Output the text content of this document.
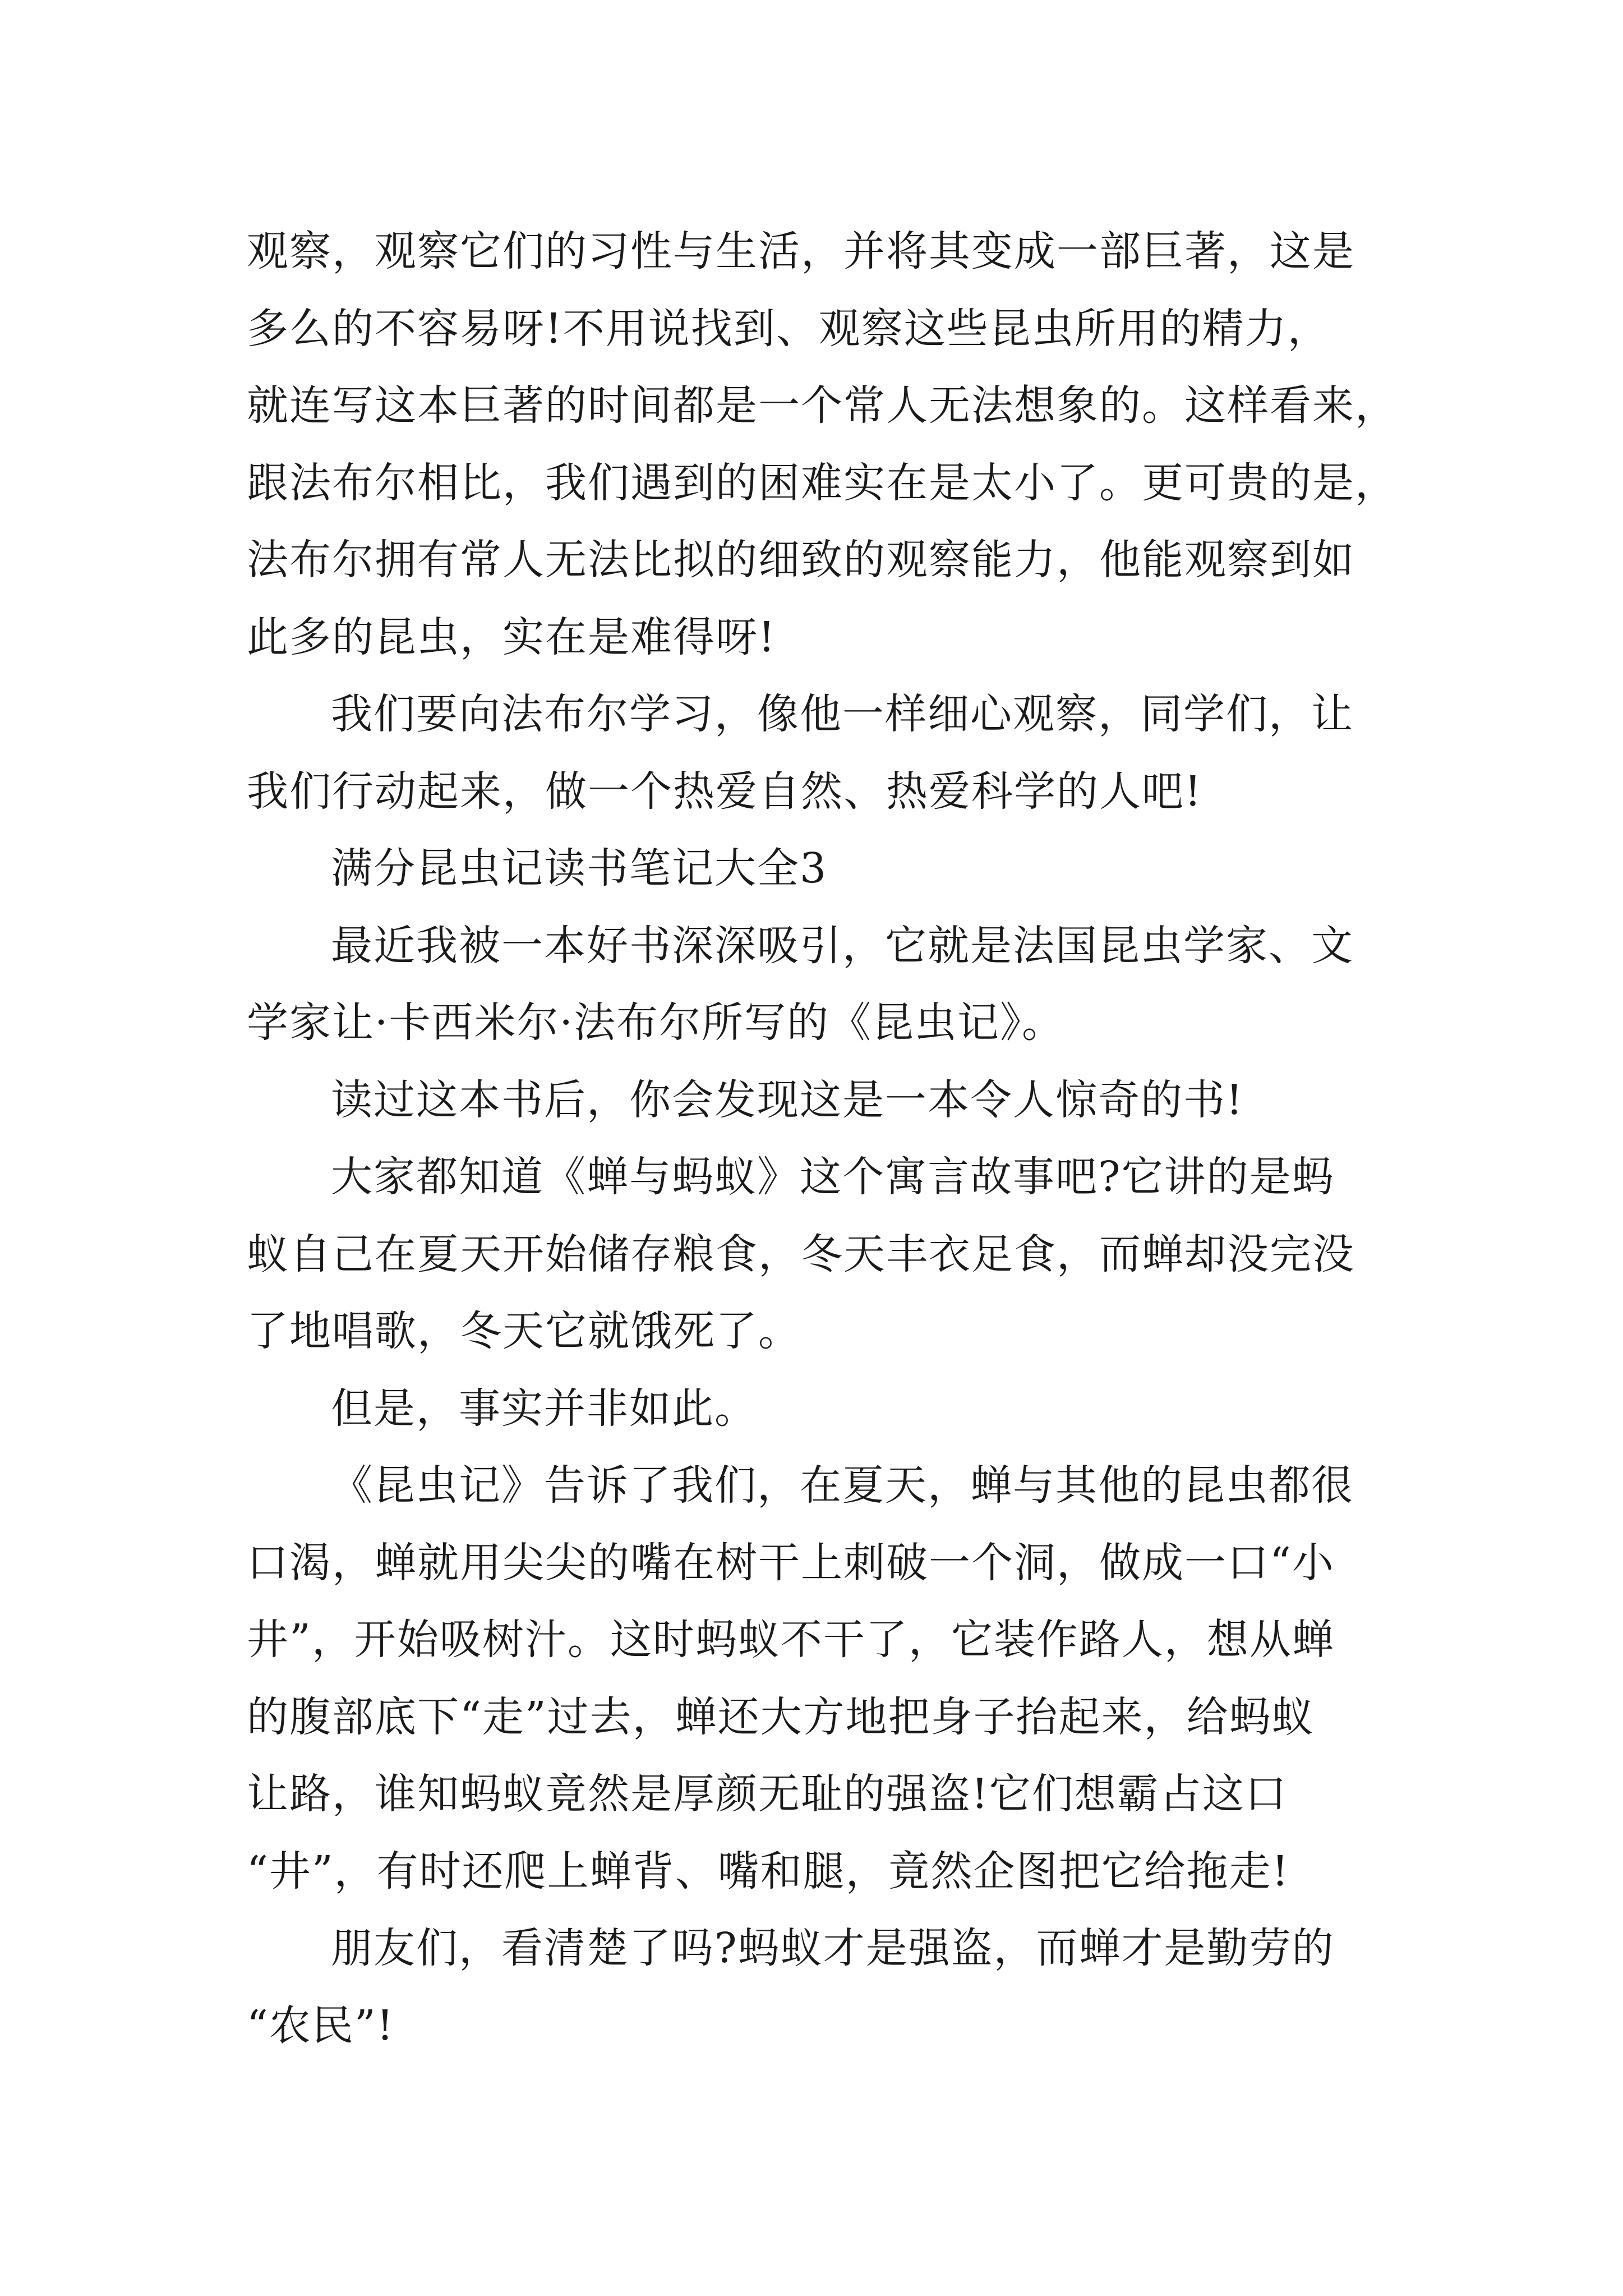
观察，观察它们的习性与生活，并将其变成一部巨著，这是
多么的不容易呀!不用说找到、观察这些昆虫所用的精力，
就连写这本巨著的时间都是一个常人无法想象的。这样看来，
跟法布尔相比，我们遇到的困难实在是太小了。更可贵的是，
法布尔拥有常人无法比拟的细致的观察能力，他能观察到如
此多的昆虫，实在是难得呀!
我们要向法布尔学习，像他一样细心观察，同学们，让
我们行动起来，做一个热爱自然、热爱科学的人吧!
满分昆虫记读书笔记大全3
最近我被一本好书深深吸引，它就是法国昆虫学家、文
学家让·卡西米尔·法布尔所写的《昆虫记》。
读过这本书后，你会发现这是一本令人惊奇的书!
大家都知道《蝉与蚂蚁》这个寓言故事吧?它讲的是蚂
蚁自己在夏天开始储存粮食，冬天丰衣足食，而蝉却没完没
了地唱歌，冬天它就饿死了。
但是，事实并非如此。
《昆虫记》告诉了我们，在夏天，蝉与其他的昆虫都很
口渴，蝉就用尖尖的嘴在树干上刺破一个洞，做成一口“小
井”，开始吸树汁。这时蚂蚁不干了，它装作路人，想从蝉
的腹部底下“走”过去，蝉还大方地把身子抬起来，给蚂蚁
让路，谁知蚂蚁竟然是厚颜无耻的强盗!它们想霸占这口
“井”，有时还爬上蝉背、嘴和腿，竟然企图把它给拖走!
朋友们，看清楚了吗?蚂蚁才是强盗，而蝉才是勤劳的
“农民”!
